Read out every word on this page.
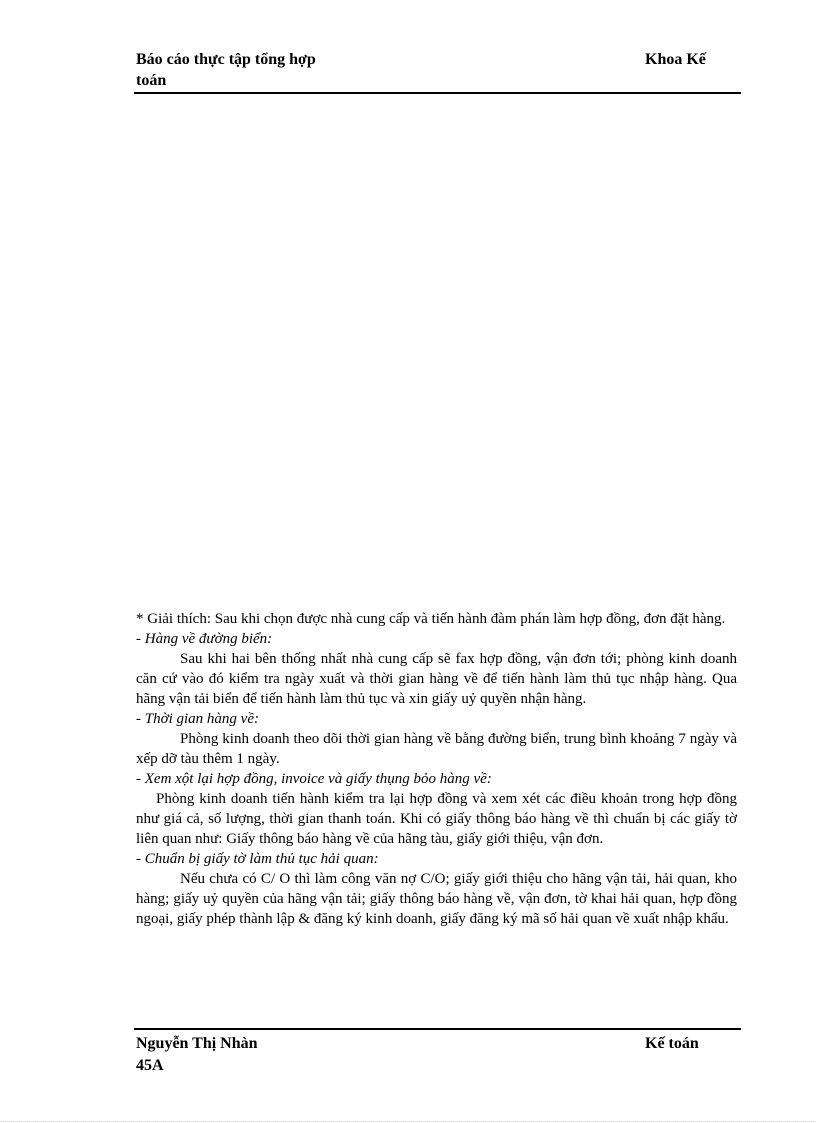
Báo cáo thực tập tổng hợp	Khoa Kế
toán

* Giải thích: Sau khi chọn được nhà cung cấp và tiến hành đàm phán làm hợp đồng, đơn đặt hàng.

- Hàng về đường biển:

Sau khi hai bên thống nhất nhà cung cấp sẽ fax hợp đồng, vận đơn tới; phòng kinh doanh căn cứ vào đó kiểm tra ngày xuất và thời gian hàng về để tiến hành làm thủ tục nhập hàng. Qua hãng vận tải biển để tiến hành làm thủ tục và xin giấy uỷ quyền nhận hàng.

- Thời gian hàng về:

Phòng kinh doanh theo dõi thời gian hàng về bằng đường biển, trung bình khoảng 7 ngày và xếp dỡ tàu thêm 1 ngày.

- Xem xột lại hợp đồng, invoice và giấy thụng bỏo hàng về:

Phòng kinh doanh tiến hành kiểm tra lại hợp đồng và xem xét các điều khoản trong hợp đồng như giá cả, số lượng, thời gian thanh toán. Khi có giấy thông báo hàng về thì chuẩn bị các giấy tờ liên quan như: Giấy thông báo hàng về của hãng tàu, giấy giới thiệu, vận đơn.

- Chuẩn bị giấy tờ làm thủ tục hải quan:

Nếu chưa có C/ O thì làm công văn nợ C/O; giấy giới thiệu cho hãng vận tải, hải quan, kho hàng; giấy uỷ quyền của hãng vận tải; giấy thông báo hàng về, vận đơn, tờ khai hải quan, hợp đồng ngoại, giấy phép thành lập & đăng ký kinh doanh, giấy đăng ký mã số hải quan về xuất nhập khẩu.

Nguyễn Thị Nhàn	Kế toán
45A
